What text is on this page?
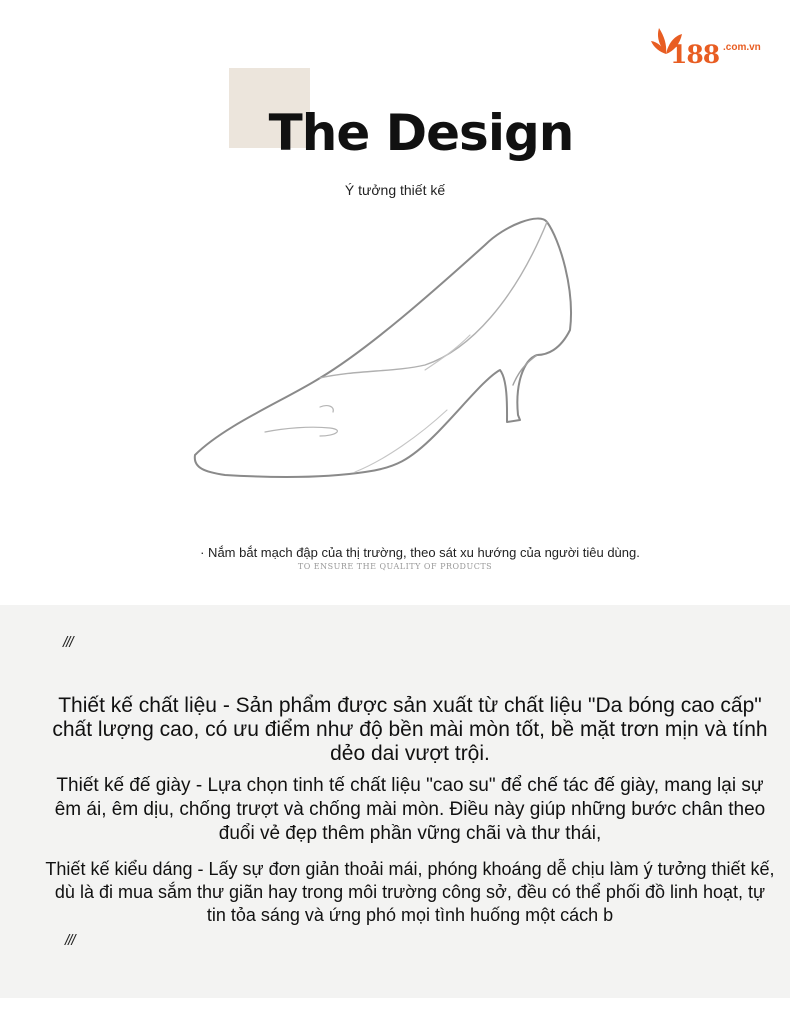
188 .com.vn
The Design
Ý tưởng thiết kế
· Nắm bắt mạch đập của thị trường, theo sát xu hướng của người tiêu dùng.
TO ENSURE THE QUALITY OF PRODUCTS
///
Thiết kế chất liệu - Sản phẩm được sản xuất từ chất liệu "Da bóng cao cấp" chất lượng cao, có ưu điểm như độ bền mài mòn tốt, bề mặt trơn mịn và tính dẻo dai vượt trội.
Thiết kế đế giày - Lựa chọn tinh tế chất liệu "cao su" để chế tác đế giày, mang lại sự êm ái, êm dịu, chống trượt và chống mài mòn. Điều này giúp những bước chân theo đuổi vẻ đẹp thêm phần vững chãi và thư thái,
Thiết kế kiểu dáng - Lấy sự đơn giản thoải mái, phóng khoáng dễ chịu làm ý tưởng thiết kế, dù là đi mua sắm thư giãn hay trong môi trường công sở, đều có thể phối đồ linh hoạt, tự tin tỏa sáng và ứng phó mọi tình huống một cách b
///
